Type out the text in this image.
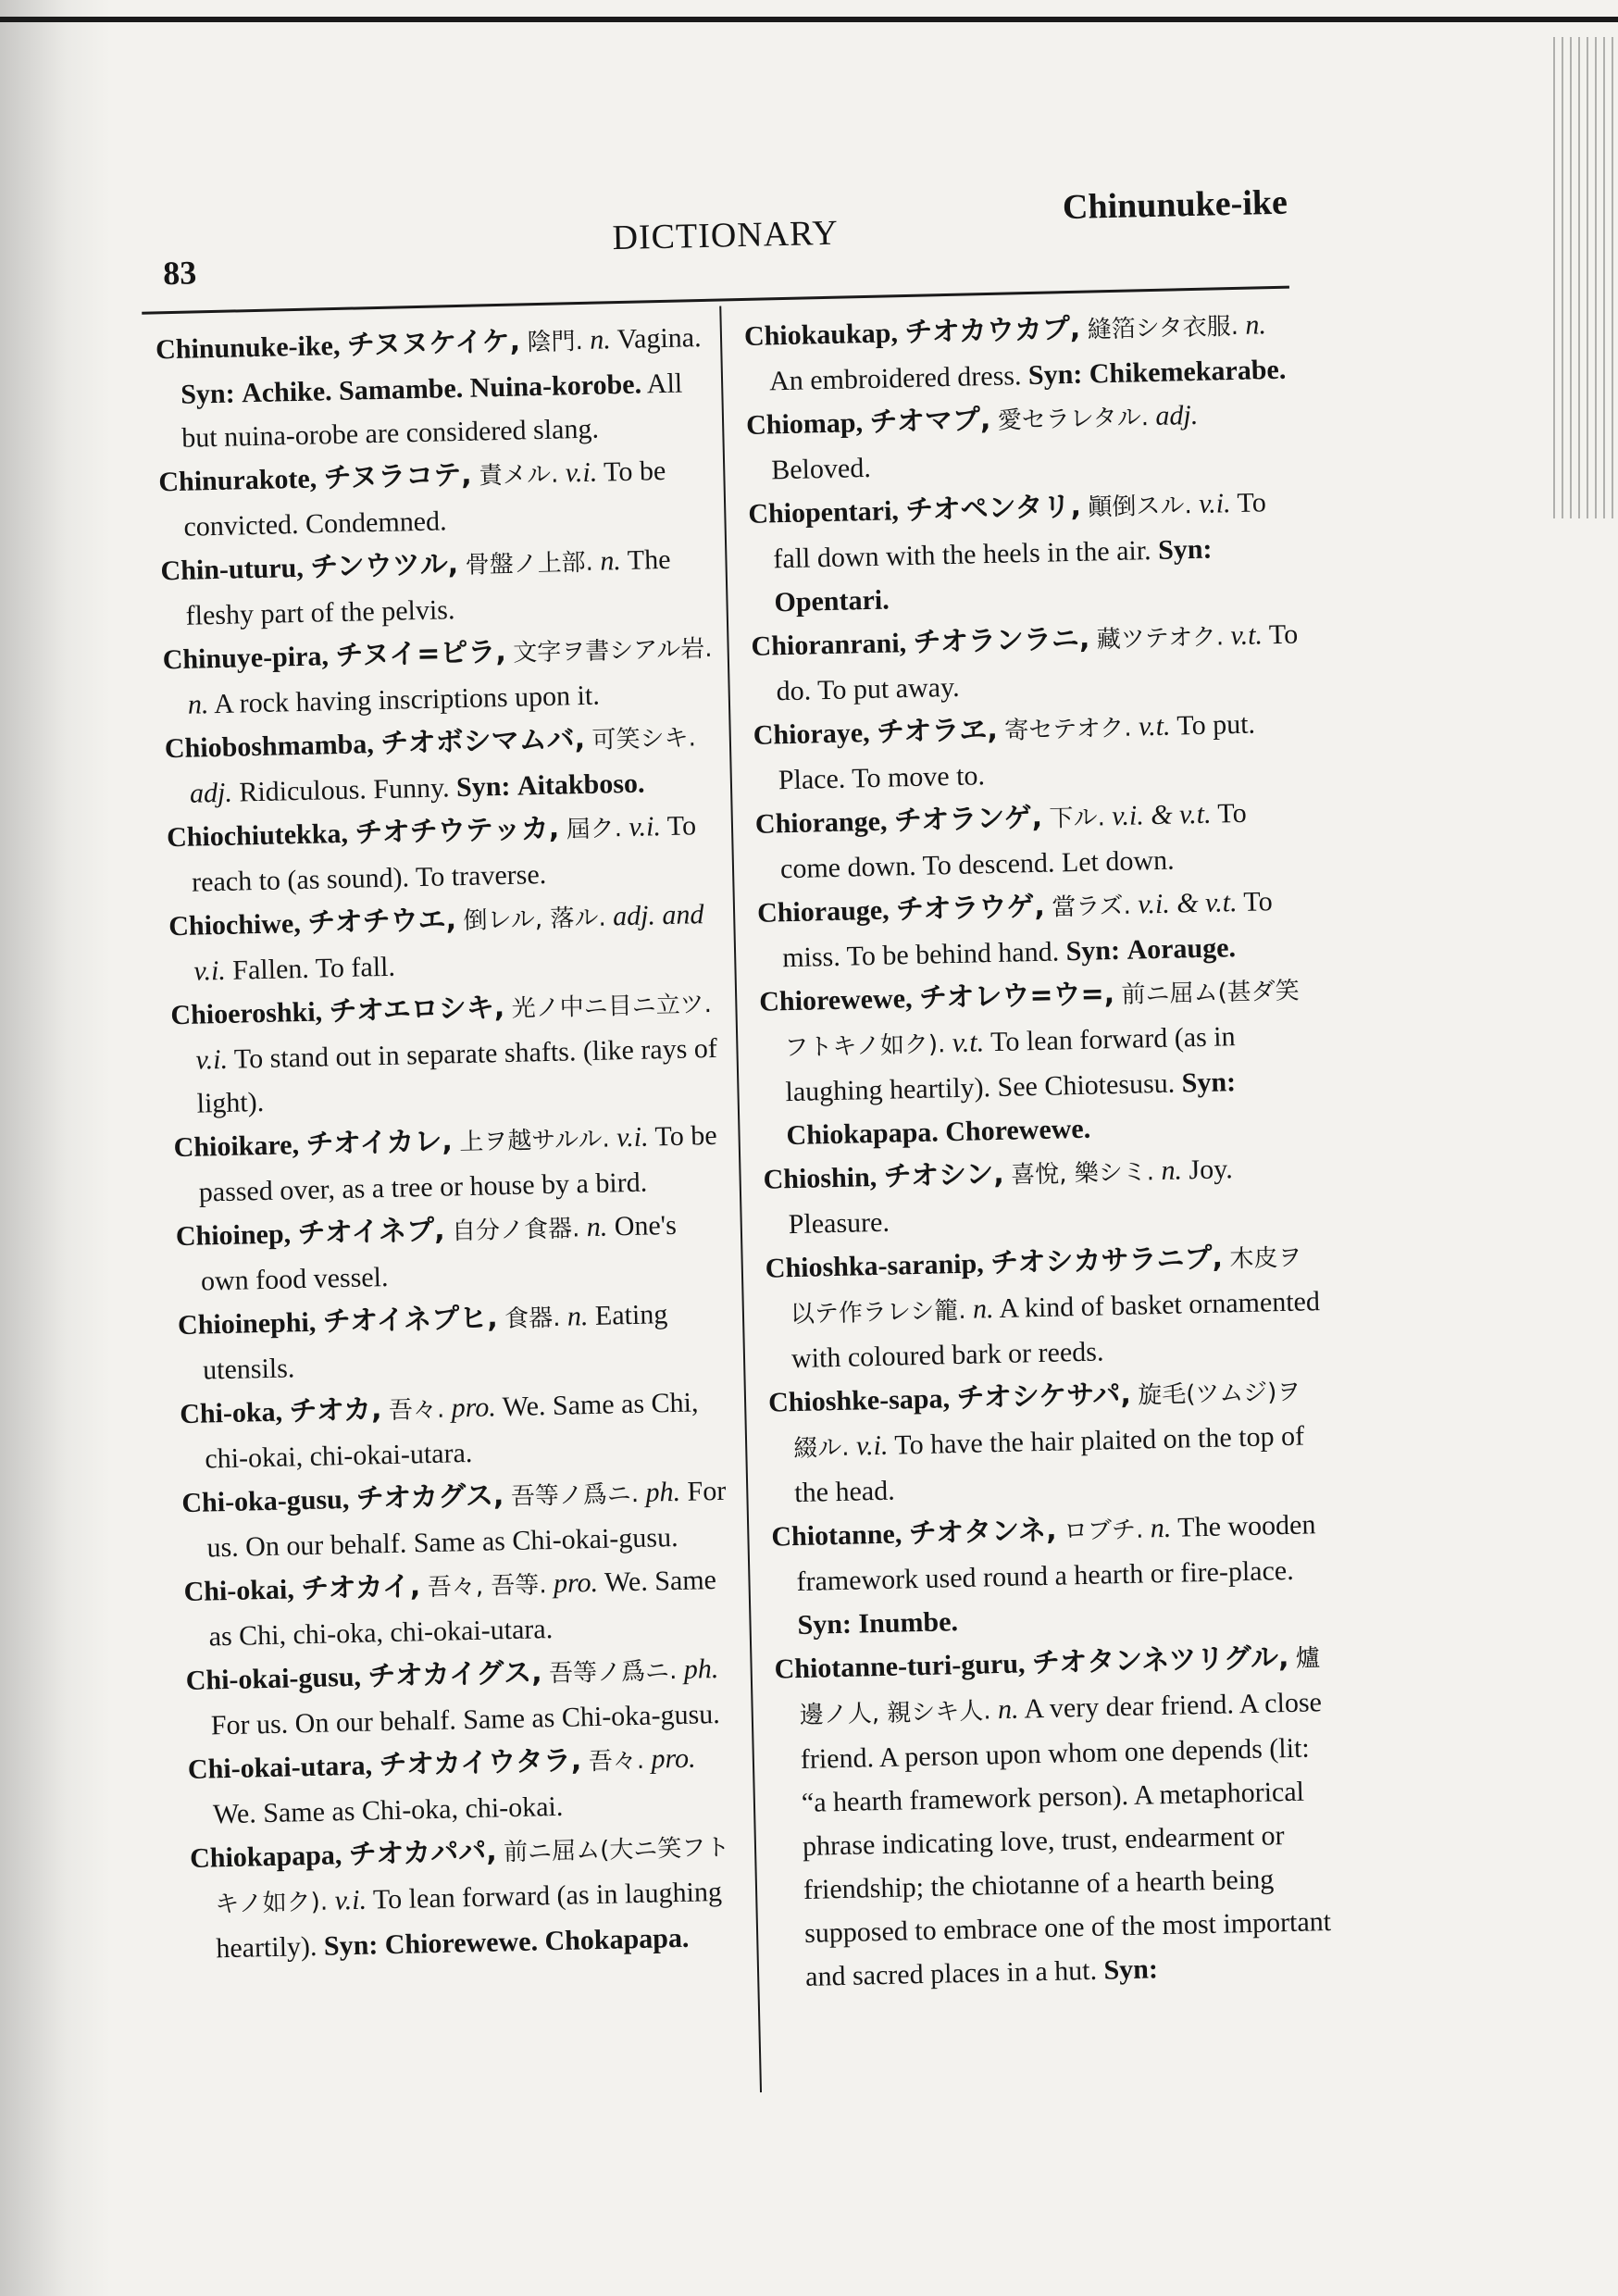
83
DICTIONARY
Chinunuke-ike

Chinunuke-ike, チヌヌケイケ, 陰門. n. Vagina. Syn: Achike. Samambe. Nuina-korobe. All but nuina-orobe are considered slang.

Chinurakote, チヌラコテ, 責メル. v.i. To be convicted. Condemned.

Chin-uturu, チンウツル, 骨盤ノ上部. n. The fleshy part of the pelvis.

Chinuye-pira, チヌイ=ピラ, 文字ヲ書シアル岩. n. A rock having inscriptions upon it.

Chioboshmamba, チオボシマムバ, 可笑シキ. adj. Ridiculous. Funny. Syn: Aitakboso.

Chiochiutekka, チオチウテッカ, 屆ク. v.i. To reach to (as sound). To traverse.

Chiochiwe, チオチウエ, 倒レル, 落ル. adj. and v.i. Fallen. To fall.

Chioeroshki, チオエロシキ, 光ノ中ニ目ニ立ツ. v.i. To stand out in separate shafts. (like rays of light).

Chioikare, チオイカレ, 上ヲ越サルル. v.i. To be passed over, as a tree or house by a bird.

Chioinep, チオイネプ, 自分ノ食器. n. One's own food vessel.

Chioinephi, チオイネプヒ, 食器. n. Eating utensils.

Chi-oka, チオカ, 吾々. pro. We. Same as Chi, chi-okai, chi-okai-utara.

Chi-oka-gusu, チオカグス, 吾等ノ爲ニ. ph. For us. On our behalf. Same as Chi-okai-gusu.

Chi-okai, チオカイ, 吾々, 吾等. pro. We. Same as Chi, chi-oka, chi-okai-utara.

Chi-okai-gusu, チオカイグス, 吾等ノ爲ニ. ph. For us. On our behalf. Same as Chi-oka-gusu.

Chi-okai-utara, チオカイウタラ, 吾々. pro. We. Same as Chi-oka, chi-okai.

Chiokapapa, チオカパパ, 前ニ屈ム(大ニ笑フトキノ如ク). v.i. To lean forward (as in laughing heartily). Syn: Chiorewewe. Chokapapa.

Chiokaukap, チオカウカプ, 縫箔シタ衣服. n. An embroidered dress. Syn: Chikemekarabe.

Chiomap, チオマプ, 愛セラレタル. adj. Beloved.

Chiopentari, チオペンタリ, 顚倒スル. v.i. To fall down with the heels in the air. Syn: Opentari.

Chioranrani, チオランラニ, 藏ツテオク. v.t. To do. To put away.

Chioraye, チオラヱ, 寄セテオク. v.t. To put. Place. To move to.

Chiorange, チオランゲ, 下ル. v.i. & v.t. To come down. To descend. Let down.

Chiorauge, チオラウゲ, 當ラズ. v.i. & v.t. To miss. To be behind hand. Syn: Aorauge.

Chiorewewe, チオレウ=ウ=, 前ニ屈ム(甚ダ笑フトキノ如ク). v.t. To lean forward (as in laughing heartily). See Chiotesusu. Syn: Chiokapapa. Chorewewe.

Chioshin, チオシン, 喜悅, 樂シミ. n. Joy. Pleasure.

Chioshka-saranip, チオシカサラニプ, 木皮ヲ以テ作ラレシ籠. n. A kind of basket ornamented with coloured bark or reeds.

Chioshke-sapa, チオシケサパ, 旋毛(ツムジ)ヲ綴ル. v.i. To have the hair plaited on the top of the head.

Chiotanne, チオタンネ, ロブチ. n. The wooden framework used round a hearth or fire-place. Syn: Inumbe.

Chiotanne-turi-guru, チオタンネツリグル, 爐邊ノ人, 親シキ人. n. A very dear friend. A close friend. A person upon whom one depends (lit: “a hearth framework person). A metaphorical phrase indicating love, trust, endearment or friendship; the chiotanne of a hearth being supposed to embrace one of the most important and sacred places in a hut. Syn:
